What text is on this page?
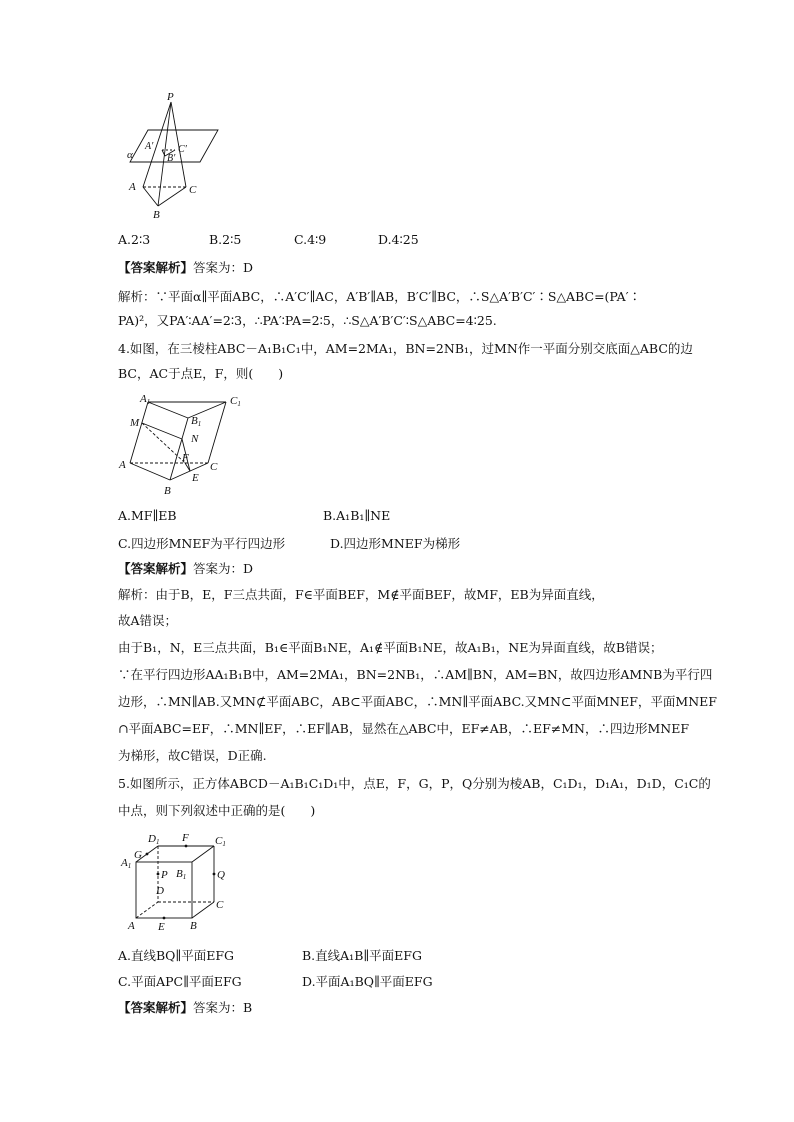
P
α
A′
B′
C′
A
B
C
A.2∶3	B.2∶5	C.4∶9	D.4∶25
【答案解析】答案为：D
解析：∵平面α∥平面ABC，∴A′C′∥AC，A′B′∥AB，B′C′∥BC，∴S△A′B′C′∶S△ABC=(PA′∶
PA)²，又PA′∶AA′=2∶3，∴PA′∶PA=2∶5，∴S△A′B′C′∶S△ABC=4∶25.
4.如图，在三棱柱ABC－A₁B₁C₁中，AM=2MA₁，BN=2NB₁，过MN作一平面分别交底面△ABC的边
BC，AC于点E，F，则(　　)
A1	C1
B1
M
N
F
A	C
E
B
A.MF∥EB	B.A₁B₁∥NE
C.四边形MNEF为平行四边形	D.四边形MNEF为梯形
【答案解析】答案为：D
解析：由于B，E，F三点共面，F∈平面BEF，M∉平面BEF，故MF，EB为异面直线，
故A错误；
由于B₁，N，E三点共面，B₁∈平面B₁NE，A₁∉平面B₁NE，故A₁B₁，NE为异面直线，故B错误；
∵在平行四边形AA₁B₁B中，AM=2MA₁，BN=2NB₁，∴AM∥BN，AM=BN，故四边形AMNB为平行四
边形，∴MN∥AB.又MN⊄平面ABC，AB⊂平面ABC，∴MN∥平面ABC.又MN⊂平面MNEF，平面MNEF
∩平面ABC=EF，∴MN∥EF，∴EF∥AB，显然在△ABC中，EF≠AB，∴EF≠MN，∴四边形MNEF
为梯形，故C错误，D正确.
5.如图所示，正方体ABCD－A₁B₁C₁D₁中，点E，F，G，P，Q分别为棱AB，C₁D₁，D₁A₁，D₁D，C₁C的
中点，则下列叙述中正确的是(　　)
D1 F C1
G
A1
P B1	Q
D
C
A E B
A.直线BQ∥平面EFG	B.直线A₁B∥平面EFG
C.平面APC∥平面EFG	D.平面A₁BQ∥平面EFG
【答案解析】答案为：B
